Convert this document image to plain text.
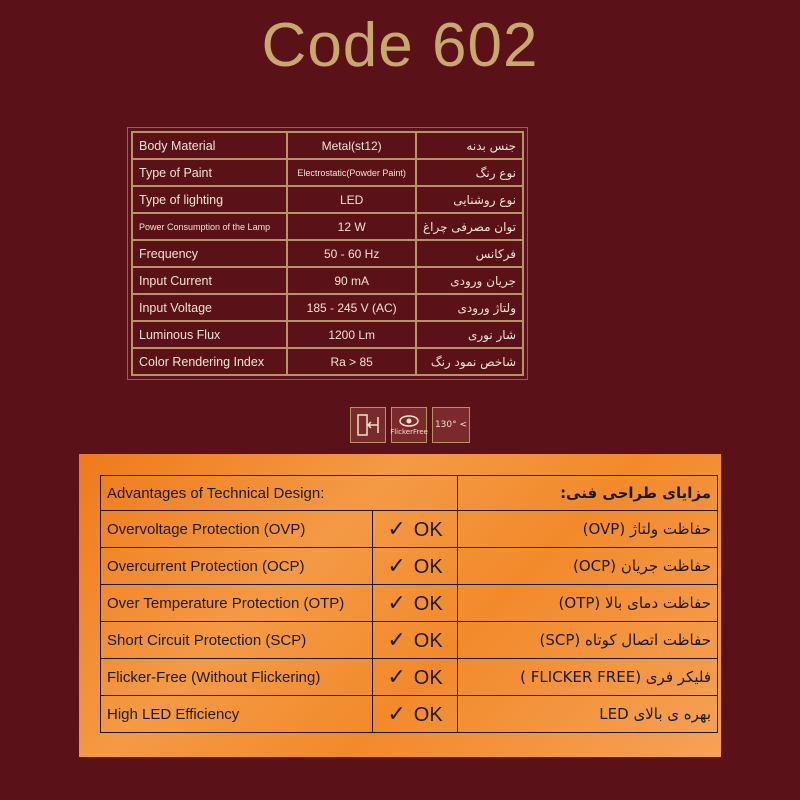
Code 602
Body Material	Metal(st12)	جنس بدنه
Type of Paint	Electrostatic(Powder Paint)	نوع رنگ
Type of lighting	LED	نوع روشنایی
Power Consumption of the Lamp	12 W	توان مصرفی چراغ
Frequency	50 - 60 Hz	فرکانس
Input Current	90 mA	جریان ورودی
Input Voltage	185 - 245 V (AC)	ولتاژ ورودی
Luminous Flux	1200 Lm	شار نوری
Color Rendering Index	Ra > 85	شاخص نمود رنگ
FlickerFree
130° <
Advantages of Technical Design:		مزایای طراحی فنی:
Overvoltage Protection (OVP)	✓ OK	حفاظت ولتاژ (OVP)
Overcurrent Protection (OCP)	✓ OK	حفاظت جریان (OCP)
Over Temperature Protection (OTP)	✓ OK	حفاظت دمای بالا (OTP)
Short Circuit Protection (SCP)	✓ OK	حفاظت اتصال کوتاه (SCP)
Flicker-Free (Without Flickering)	✓ OK	فلیکر فری (FLICKER FREE )
High LED Efficiency	✓ OK	بهره ی بالای LED
